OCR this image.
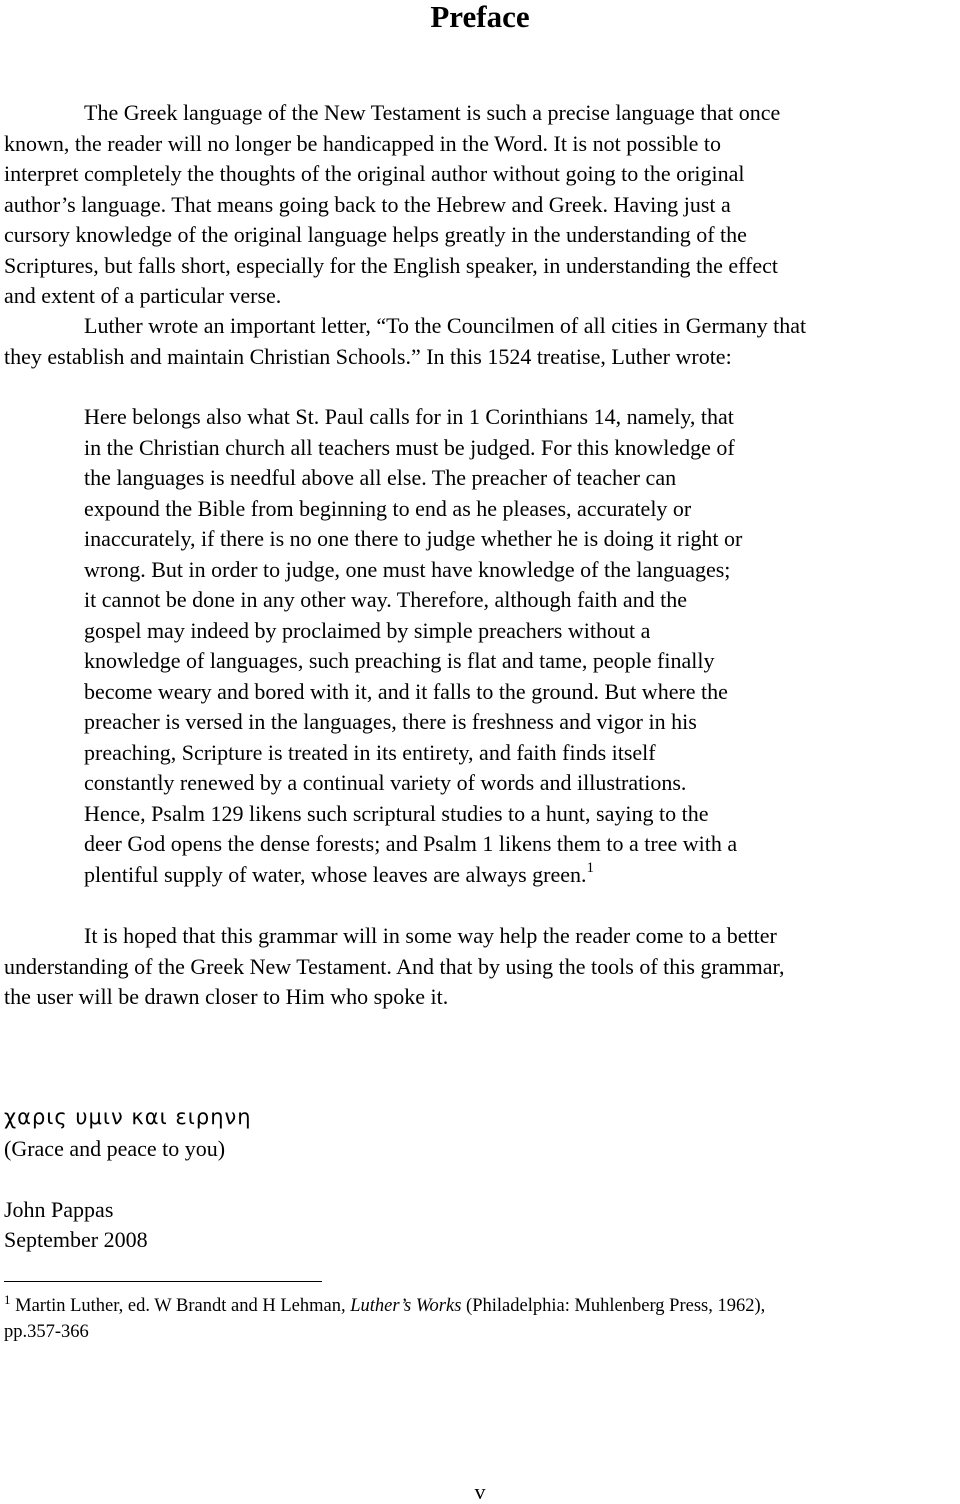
Preface

The Greek language of the New Testament is such a precise language that once
known, the reader will no longer be handicapped in the Word. It is not possible to
interpret completely the thoughts of the original author without going to the original
author’s language. That means going back to the Hebrew and Greek. Having just a
cursory knowledge of the original language helps greatly in the understanding of the
Scriptures, but falls short, especially for the English speaker, in understanding the effect
and extent of a particular verse.

Luther wrote an important letter, “To the Councilmen of all cities in Germany that
they establish and maintain Christian Schools.” In this 1524 treatise, Luther wrote:

Here belongs also what St. Paul calls for in 1 Corinthians 14, namely, that
in the Christian church all teachers must be judged. For this knowledge of
the languages is needful above all else. The preacher of teacher can
expound the Bible from beginning to end as he pleases, accurately or
inaccurately, if there is no one there to judge whether he is doing it right or
wrong. But in order to judge, one must have knowledge of the languages;
it cannot be done in any other way. Therefore, although faith and the
gospel may indeed by proclaimed by simple preachers without a
knowledge of languages, such preaching is flat and tame, people finally
become weary and bored with it, and it falls to the ground. But where the
preacher is versed in the languages, there is freshness and vigor in his
preaching, Scripture is treated in its entirety, and faith finds itself
constantly renewed by a continual variety of words and illustrations.
Hence, Psalm 129 likens such scriptural studies to a hunt, saying to the
deer God opens the dense forests; and Psalm 1 likens them to a tree with a
plentiful supply of water, whose leaves are always green.$^1$

It is hoped that this grammar will in some way help the reader come to a better
understanding of the Greek New Testament. And that by using the tools of this grammar,
the user will be drawn closer to Him who spoke it.

χαρις υμιν και ειρηνη

(Grace and peace to you)

John Pappas

September 2008

$^1$ Martin Luther, ed. W Brandt and H Lehman, Luther’s Works (Philadelphia: Muhlenberg Press, 1962),
pp.357-366

v
